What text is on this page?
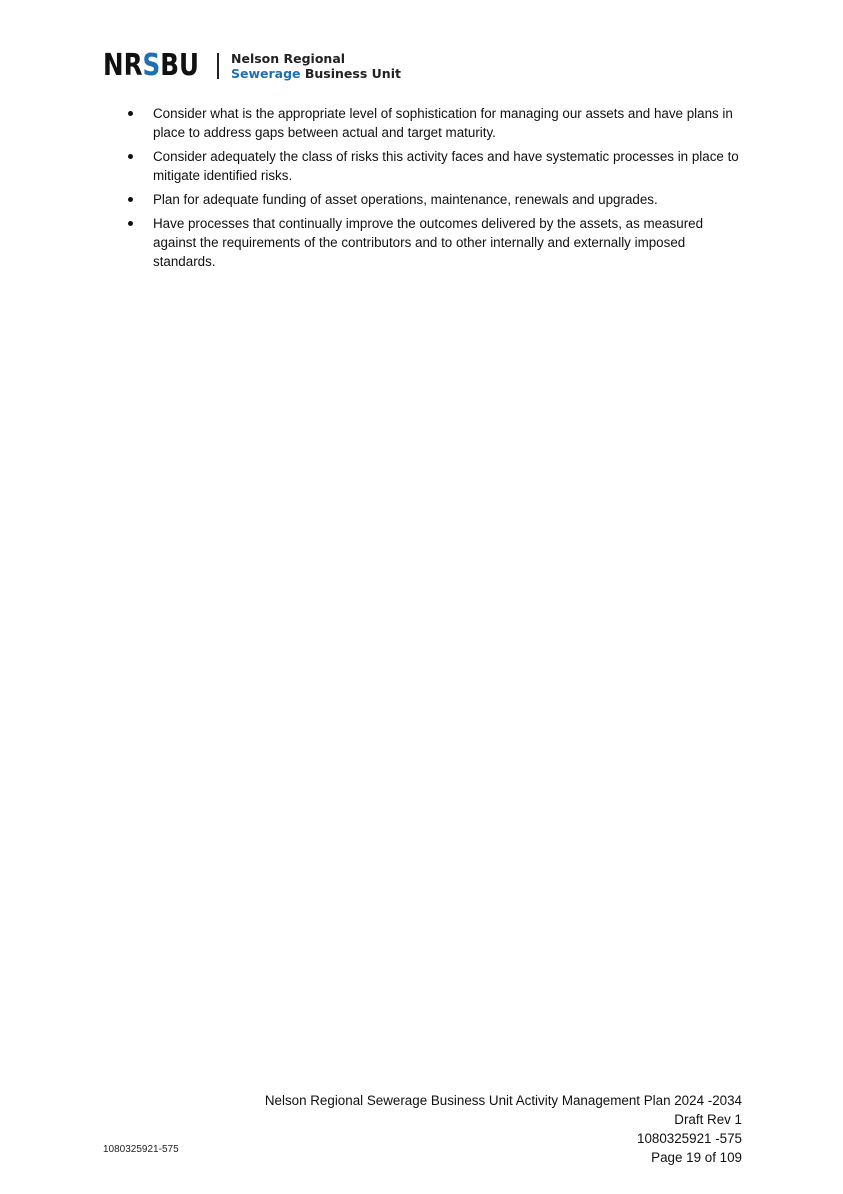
NRSBU	Nelson Regional
Sewerage Business Unit
Consider what is the appropriate level of sophistication for managing our assets and have plans in place to address gaps between actual and target maturity.
Consider adequately the class of risks this activity faces and have systematic processes in place to mitigate identified risks.
Plan for adequate funding of asset operations, maintenance, renewals and upgrades.
Have processes that continually improve the outcomes delivered by the assets, as measured against the requirements of the contributors and to other internally and externally imposed standards.
1080325921-575
Nelson Regional Sewerage Business Unit Activity Management Plan 2024 -2034
Draft Rev 1
1080325921 -575
Page 19 of 109
